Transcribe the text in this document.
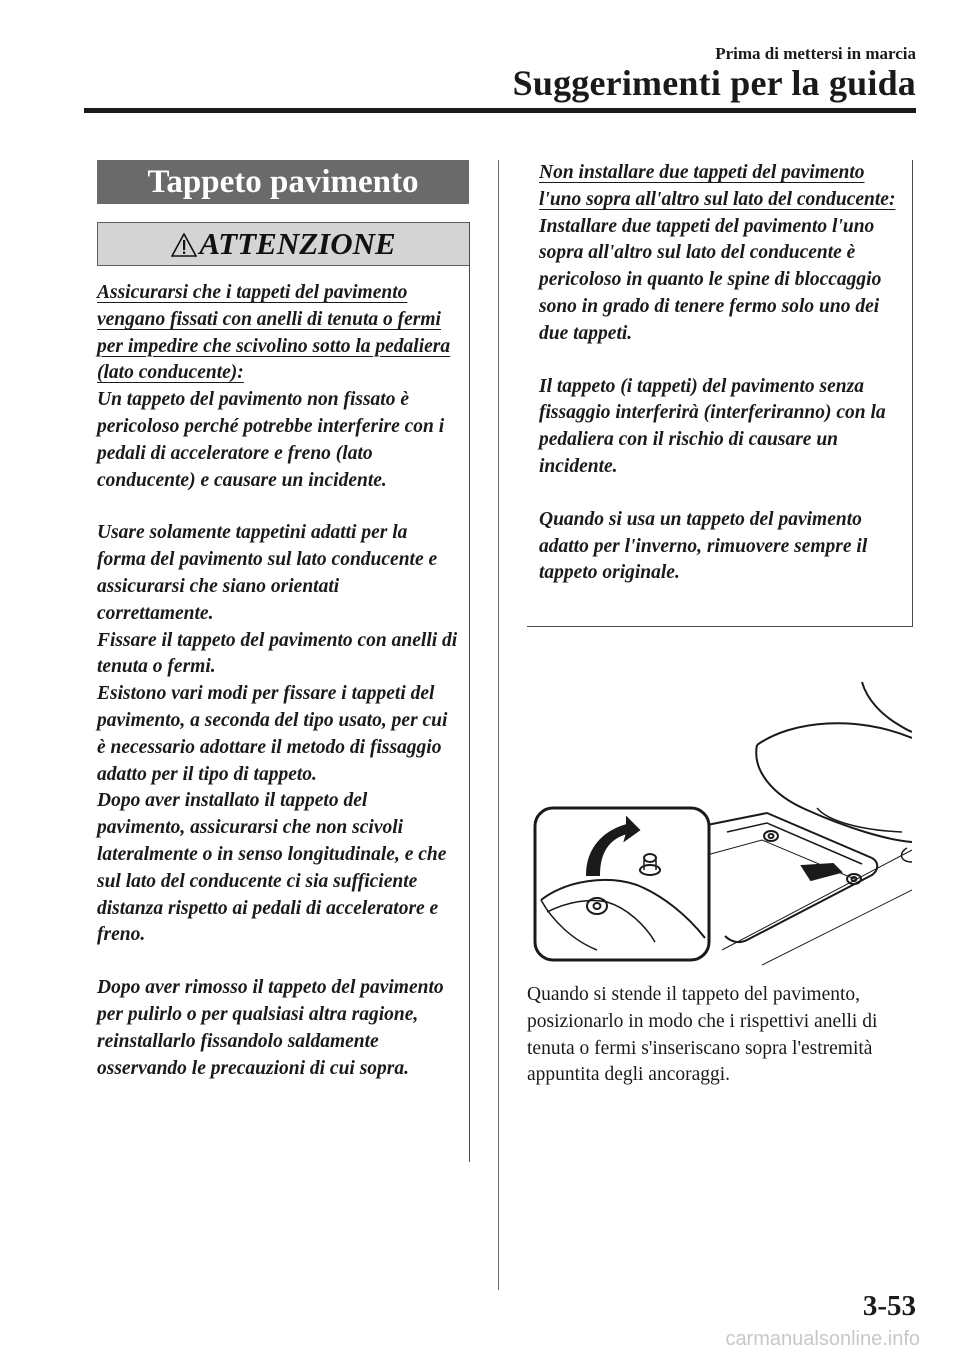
Prima di mettersi in marcia
Suggerimenti per la guida
Tappeto pavimento
ATTENZIONE

Assicurarsi che i tappeti del pavimento vengano fissati con anelli di tenuta o fermi per impedire che scivolino sotto la pedaliera (lato conducente):

Un tappeto del pavimento non fissato è pericoloso perché potrebbe interferire con i pedali di acceleratore e freno (lato conducente) e causare un incidente.

Usare solamente tappetini adatti per la forma del pavimento sul lato conducente e assicurarsi che siano orientati correttamente.

Fissare il tappeto del pavimento con anelli di tenuta o fermi.

Esistono vari modi per fissare i tappeti del pavimento, a seconda del tipo usato, per cui è necessario adottare il metodo di fissaggio adatto per il tipo di tappeto.

Dopo aver installato il tappeto del pavimento, assicurarsi che non scivoli lateralmente o in senso longitudinale, e che sul lato del conducente ci sia sufficiente distanza rispetto ai pedali di acceleratore e freno.

Dopo aver rimosso il tappeto del pavimento per pulirlo o per qualsiasi altra ragione, reinstallarlo fissandolo saldamente osservando le precauzioni di cui sopra.

Non installare due tappeti del pavimento l'uno sopra all'altro sul lato del conducente:

Installare due tappeti del pavimento l'uno sopra all'altro sul lato del conducente è pericoloso in quanto le spine di bloccaggio sono in grado di tenere fermo solo uno dei due tappeti.

Il tappeto (i tappeti) del pavimento senza fissaggio interferirà (interferiranno) con la pedaliera con il rischio di causare un incidente.

Quando si usa un tappeto del pavimento adatto per l'inverno, rimuovere sempre il tappeto originale.

Quando si stende il tappeto del pavimento, posizionarlo in modo che i rispettivi anelli di tenuta o fermi s'inseriscano sopra l'estremità appuntita degli ancoraggi.
3-53
carmanualsonline.info
